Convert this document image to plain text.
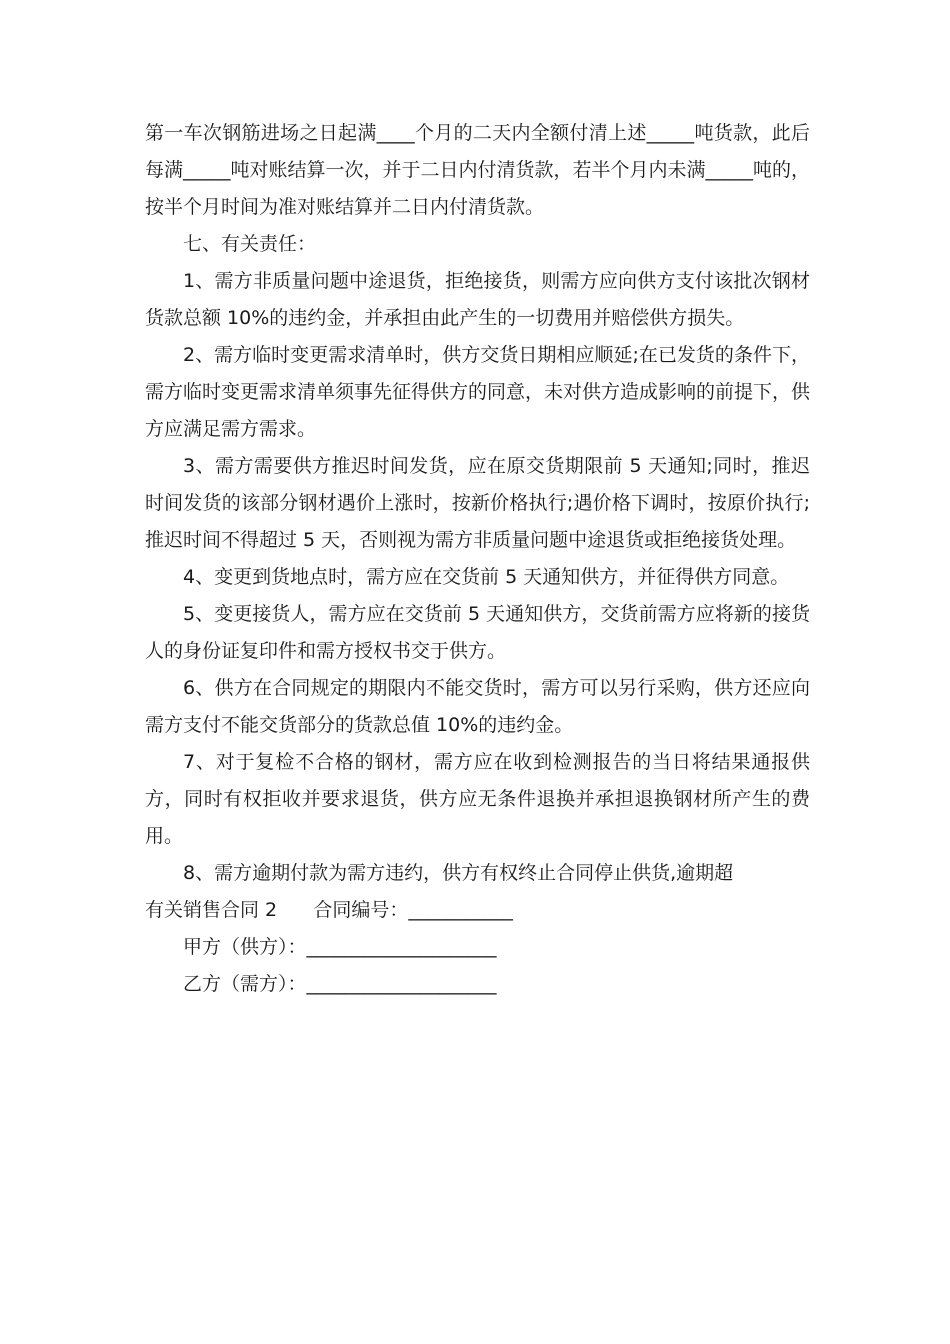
第一车次钢筋进场之日起满____个月的二天内全额付清上述_____吨货款，此后每满_____吨对账结算一次，并于二日内付清货款，若半个月内未满_____吨的，按半个月时间为准对账结算并二日内付清货款。

七、有关责任：

1、需方非质量问题中途退货，拒绝接货，则需方应向供方支付该批次钢材货款总额 10%的违约金，并承担由此产生的一切费用并赔偿供方损失。

2、需方临时变更需求清单时，供方交货日期相应顺延;在已发货的条件下，需方临时变更需求清单须事先征得供方的同意，未对供方造成影响的前提下，供方应满足需方需求。

3、需方需要供方推迟时间发货，应在原交货期限前 5 天通知;同时，推迟时间发货的该部分钢材遇价上涨时，按新价格执行;遇价格下调时，按原价执行;推迟时间不得超过 5 天，否则视为需方非质量问题中途退货或拒绝接货处理。

4、变更到货地点时，需方应在交货前 5 天通知供方，并征得供方同意。

5、变更接货人，需方应在交货前 5 天通知供方，交货前需方应将新的接货人的身份证复印件和需方授权书交于供方。

6、供方在合同规定的期限内不能交货时，需方可以另行采购，供方还应向需方支付不能交货部分的货款总值 10%的违约金。

7、对于复检不合格的钢材，需方应在收到检测报告的当日将结果通报供方，同时有权拒收并要求退货，供方应无条件退换并承担退换钢材所产生的费用。

8、需方逾期付款为需方违约，供方有权终止合同停止供货,逾期超

有关销售合同 2      合同编号：___________

甲方（供方）：____________________

乙方（需方）：____________________
